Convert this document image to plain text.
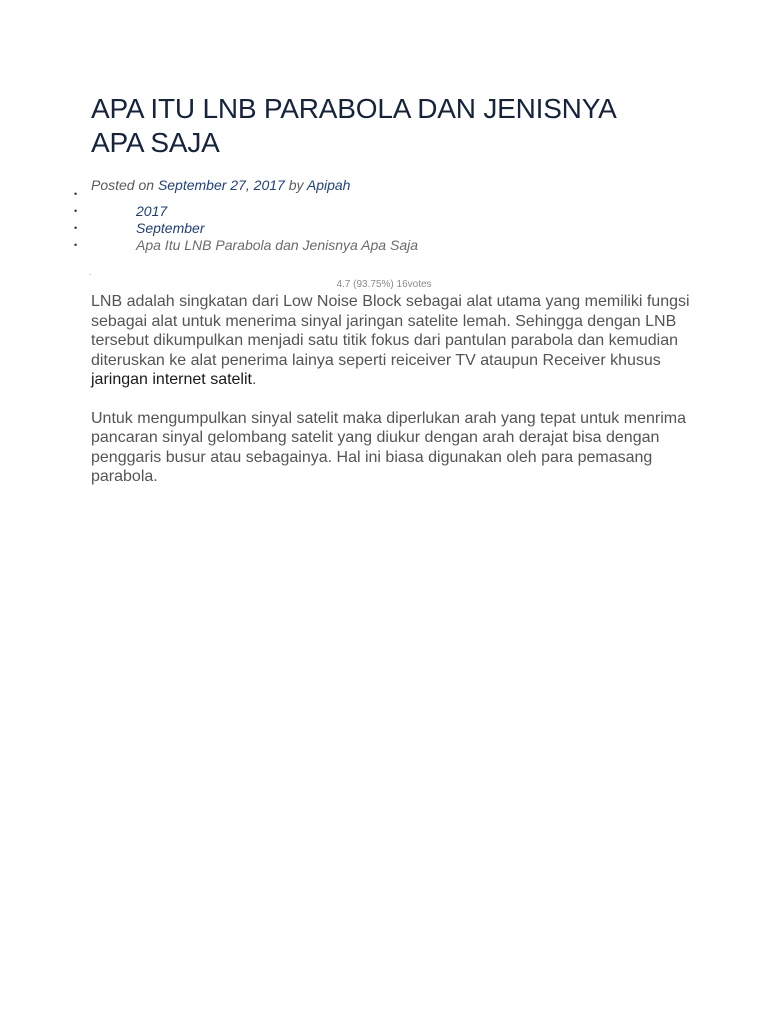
APA ITU LNB PARABOLA DAN JENISNYA
APA SAJA
Posted on September 27, 2017 by Apipah
•
•	2017
•	September
•	Apa Itu LNB Parabola dan Jenisnya Apa Saja
.
4.7 (93.75%) 16votes

LNB adalah singkatan dari Low Noise Block sebagai alat utama yang memiliki fungsi sebagai alat untuk menerima sinyal jaringan satelite lemah. Sehingga dengan LNB tersebut dikumpulkan menjadi satu titik fokus dari pantulan parabola dan kemudian diteruskan ke alat penerima lainya seperti reiceiver TV ataupun Receiver khusus jaringan internet satelit.

Untuk mengumpulkan sinyal satelit maka diperlukan arah yang tepat untuk menrima pancaran sinyal gelombang satelit yang diukur dengan arah derajat bisa dengan penggaris busur atau sebagainya. Hal ini biasa digunakan oleh para pemasang parabola.
